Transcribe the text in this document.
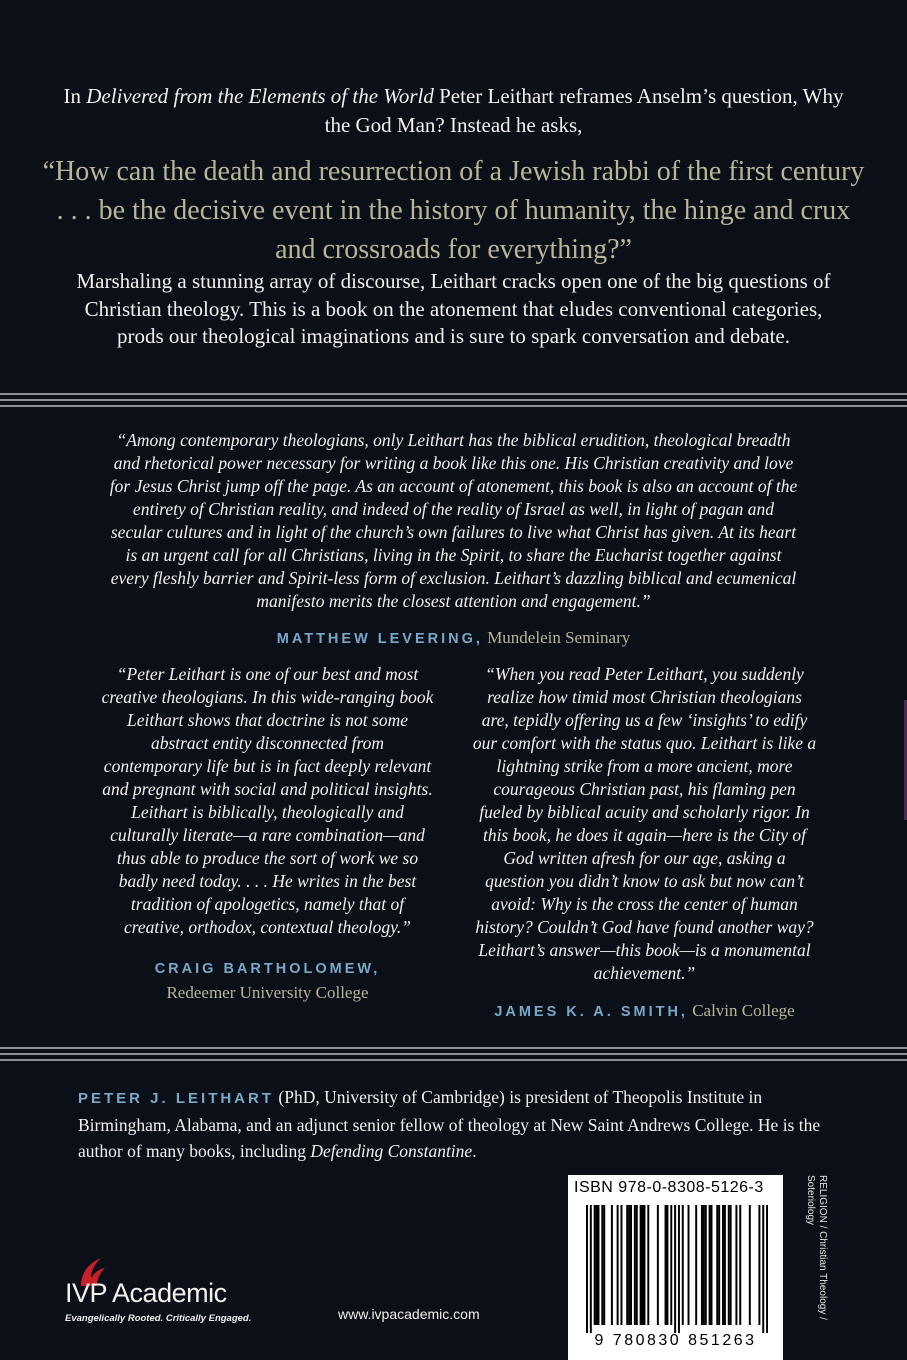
In Delivered from the Elements of the World Peter Leithart reframes Anselm’s question, Why the God Man? Instead he asks,

“How can the death and resurrection of a Jewish rabbi of the first century . . . be the decisive event in the history of humanity, the hinge and crux and crossroads for everything?”

Marshaling a stunning array of discourse, Leithart cracks open one of the big questions of Christian theology. This is a book on the atonement that eludes conventional categories, prods our theological imaginations and is sure to spark conversation and debate.

“Among contemporary theologians, only Leithart has the biblical erudition, theological breadth and rhetorical power necessary for writing a book like this one. His Christian creativity and love for Jesus Christ jump off the page. As an account of atonement, this book is also an account of the entirety of Christian reality, and indeed of the reality of Israel as well, in light of pagan and secular cultures and in light of the church’s own failures to live what Christ has given. At its heart is an urgent call for all Christians, living in the Spirit, to share the Eucharist together against every fleshly barrier and Spirit-less form of exclusion. Leithart’s dazzling biblical and ecumenical manifesto merits the closest attention and engagement.”

MATTHEW LEVERING, Mundelein Seminary

“Peter Leithart is one of our best and most creative theologians. In this wide-ranging book Leithart shows that doctrine is not some abstract entity disconnected from contemporary life but is in fact deeply relevant and pregnant with social and political insights. Leithart is biblically, theologically and culturally literate—a rare combination—and thus able to produce the sort of work we so badly need today. . . . He writes in the best tradition of apologetics, namely that of creative, orthodox, contextual theology.”

CRAIG BARTHOLOMEW,
Redeemer University College

“When you read Peter Leithart, you suddenly realize how timid most Christian theologians are, tepidly offering us a few ‘insights’ to edify our comfort with the status quo. Leithart is like a lightning strike from a more ancient, more courageous Christian past, his flaming pen fueled by biblical acuity and scholarly rigor. In this book, he does it again—here is the City of God written afresh for our age, asking a question you didn’t know to ask but now can’t avoid: Why is the cross the center of human history? Couldn’t God have found another way? Leithart’s answer—this book—is a monumental achievement.”

JAMES K. A. SMITH, Calvin College

PETER J. LEITHART (PhD, University of Cambridge) is president of Theopolis Institute in Birmingham, Alabama, and an adjunct senior fellow of theology at New Saint Andrews College. He is the author of many books, including Defending Constantine.

ISBN 978-0-8308-5126-3
9 780830 851263
RELIGION / Christian Theology /
Soteriology
IVP Academic
Evangelically Rooted. Critically Engaged.	www.ivpacademic.com
